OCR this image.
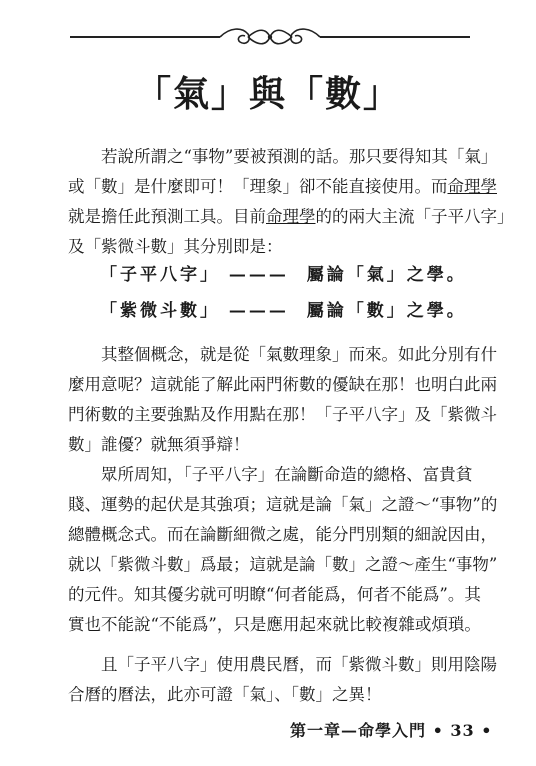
「氣」與「數」
若說所謂之“事物”要被預測的話。那只要得知其「氣」
或「數」是什麼即可！「理象」卻不能直接使用。而命理學
就是擔任此預測工具。目前命理學的的兩大主流「子平八字」
及「紫微斗數」其分別即是：
「子平八字」 ———  屬論「氣」之學。
「紫微斗數」 ———  屬論「數」之學。
其整個概念，就是從「氣數理象」而來。如此分別有什
麼用意呢？這就能了解此兩門術數的優缺在那！也明白此兩
門術數的主要強點及作用點在那！「子平八字」及「紫微斗
數」誰優？就無須爭辯！
眾所周知，「子平八字」在論斷命造的總格、富貴貧
賤、運勢的起伏是其強項；這就是論「氣」之證～“事物”的
總體概念式。而在論斷細微之處，能分門別類的細說因由，
就以「紫微斗數」爲最；這就是論「數」之證～產生“事物”
的元件。知其優劣就可明瞭“何者能爲，何者不能爲”。其
實也不能說“不能爲”，只是應用起來就比較複雜或煩瑣。
且「子平八字」使用農民曆，而「紫微斗數」則用陰陽
合曆的曆法，此亦可證「氣」、「數」之異！
第一章—命學入門 • 33 •
